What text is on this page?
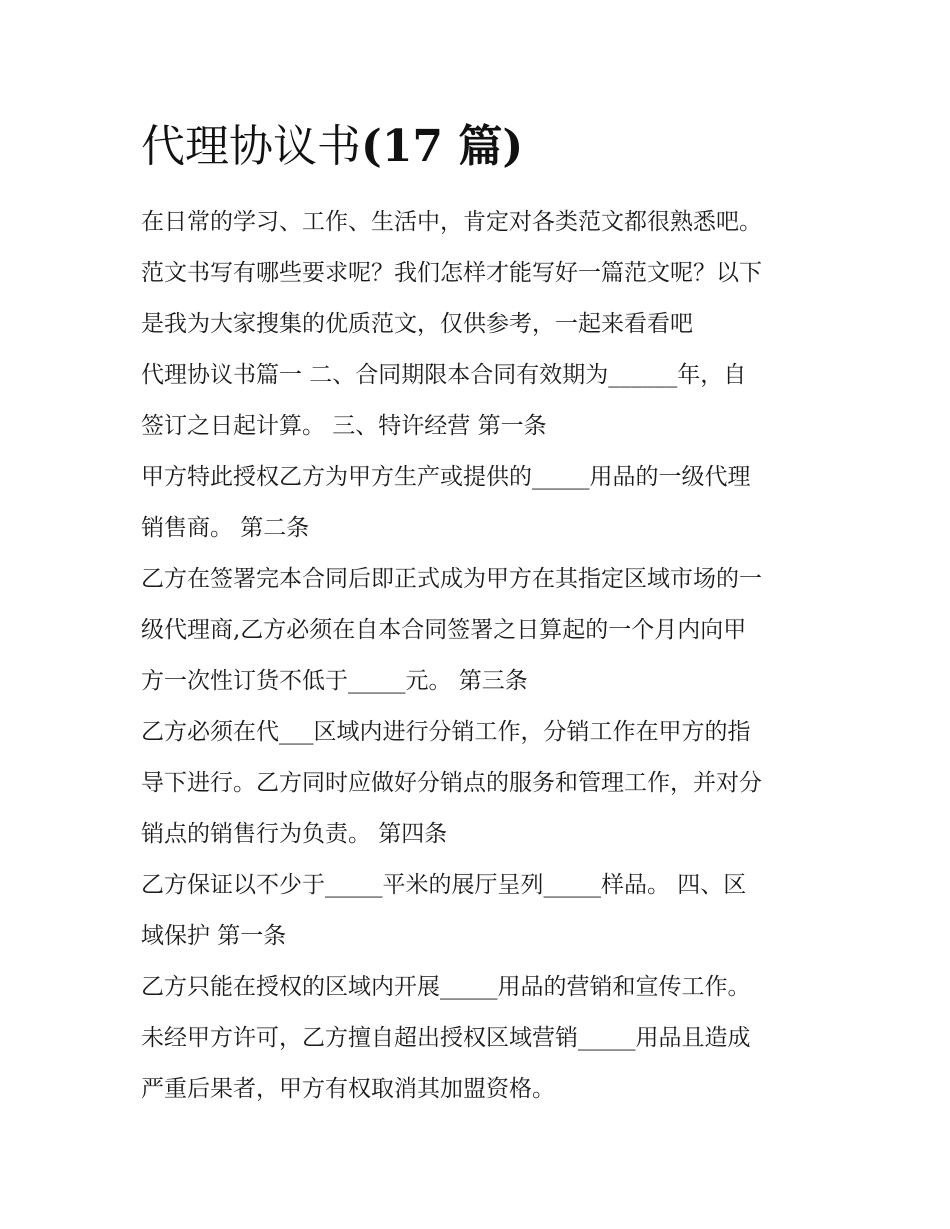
代理协议书(17 篇)
在日常的学习、工作、生活中，肯定对各类范文都很熟悉吧。
范文书写有哪些要求呢？我们怎样才能写好一篇范文呢？以下
是我为大家搜集的优质范文，仅供参考，一起来看看吧
代理协议书篇一 二、合同期限本合同有效期为______年，自
签订之日起计算。 三、特许经营 第一条
甲方特此授权乙方为甲方生产或提供的_____用品的一级代理
销售商。 第二条
乙方在签署完本合同后即正式成为甲方在其指定区域市场的一
级代理商,乙方必须在自本合同签署之日算起的一个月内向甲
方一次性订货不低于_____元。 第三条
乙方必须在代___区域内进行分销工作，分销工作在甲方的指
导下进行。乙方同时应做好分销点的服务和管理工作，并对分
销点的销售行为负责。 第四条
乙方保证以不少于_____平米的展厅呈列_____样品。 四、区
域保护 第一条
乙方只能在授权的区域内开展_____用品的营销和宣传工作。
未经甲方许可，乙方擅自超出授权区域营销_____用品且造成
严重后果者，甲方有权取消其加盟资格。
